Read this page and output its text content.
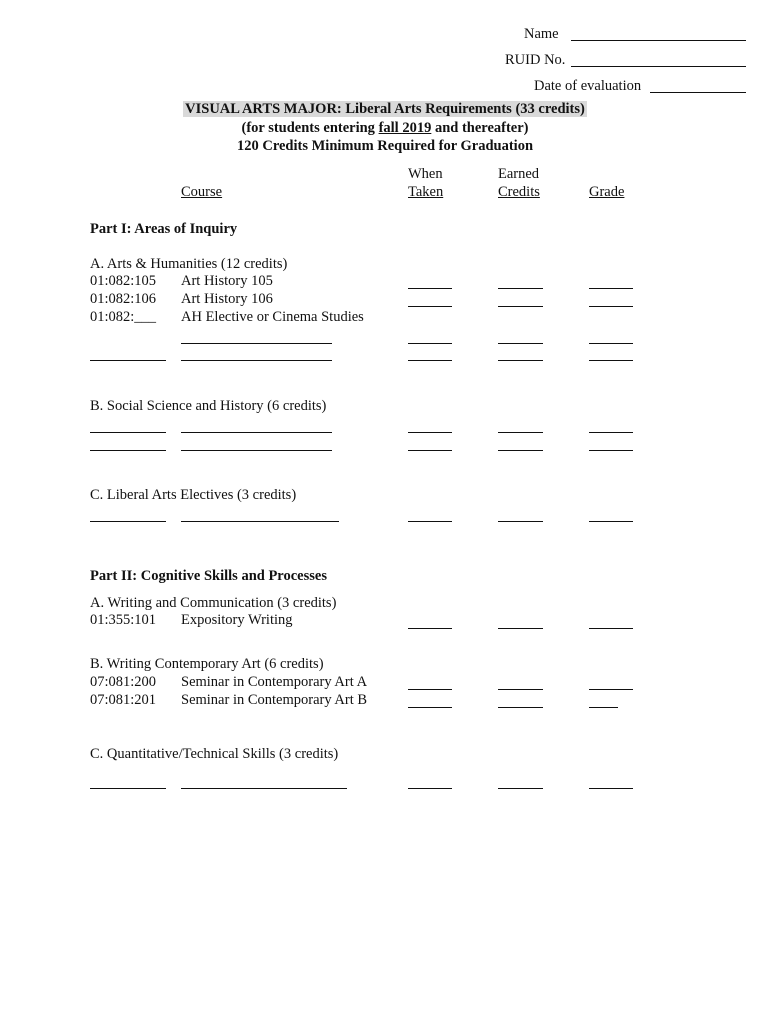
Name
RUID No.
Date of evaluation
VISUAL ARTS MAJOR: Liberal Arts Requirements (33 credits)
(for students entering fall 2019 and thereafter)
120 Credits Minimum Required for Graduation
Course
When
Taken
Earned
Credits	Grade
Part I: Areas of Inquiry
A. Arts & Humanities (12 credits)
01:082:105 Art History 105
01:082:106 Art History 106
01:082:___ AH Elective or Cinema Studies
B. Social Science and History (6 credits)
C. Liberal Arts Electives (3 credits)
Part II: Cognitive Skills and Processes
A. Writing and Communication (3 credits)
01:355:101 Expository Writing
B. Writing Contemporary Art (6 credits)
07:081:200 Seminar in Contemporary Art A
07:081:201 Seminar in Contemporary Art B
C. Quantitative/Technical Skills (3 credits)
